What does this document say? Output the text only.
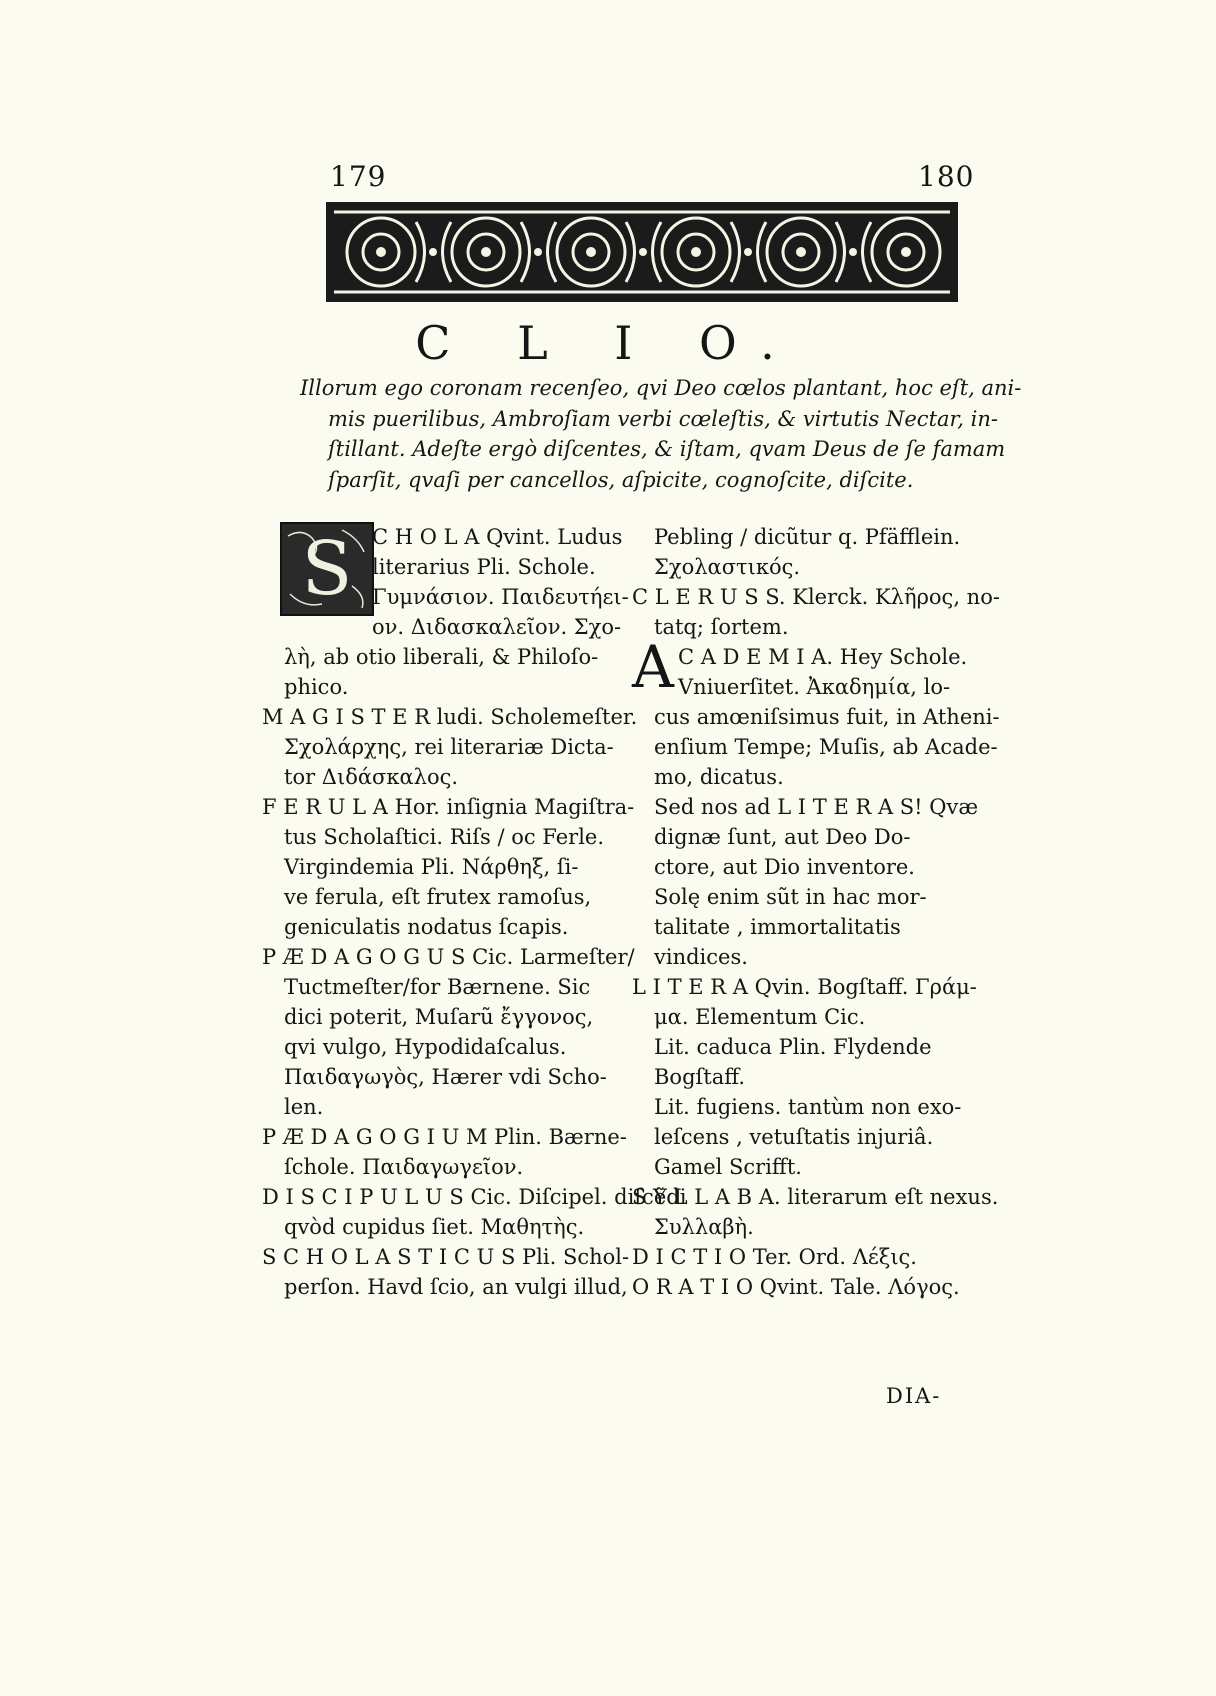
179	180
C L I O.
Illorum ego coronam recenſeo, qvi Deo cœlos plantant, hoc eſt, ani-
mis puerilibus, Ambroſiam verbi cœleſtis, & virtutis Nectar, in-
ſtillant. Adeſte ergò diſcentes, & iſtam, qvam Deus de ſe famam
ſparſit, qvaſi per cancellos, aſpicite, cognoſcite, diſcite.
S C H O L A Qvint. Ludus
literarius Pli. Schole.
Γυμνάσιον. Παιδευτήει-
ον. Διδασκαλεῖον. Σχο-
λὴ, ab otio liberali, & Philoſo-
phico.
M A G I S T E R ludi. Scholemeſter.
Σχολάρχης, rei literariæ Dicta-
tor Διδάσκαλος.
F E R U L A Hor. inſignia Magiſtra-
tus Scholaſtici. Riſs / oc Ferle.
Virgindemia Pli. Νάρθηξ, ſi-
ve ferula, eſt frutex ramoſus,
geniculatis nodatus ſcapis.
P Æ D A G O G U S Cic. Larmeſter/
Tuctmeſter/for Bærnene. Sic
dici poterit, Muſarũ ἔγγονος,
qvi vulgo, Hypodidaſcalus.
Παιδαγωγὸς, Hærer vdi Scho-
len.
P Æ D A G O G I U M Plin. Bærne-
ſchole. Παιδαγωγεῖον.
D I S C I P U L U S Cic. Diſcipel. diſcẽdi
qvòd cupidus ſiet. Μαθητὴς.
S C H O L A S T I C U S Pli. Schol-
perſon. Havd ſcio, an vulgi illud,
Pebling / dicũtur q. Pfäfflein.
Σχολαστικός.
C L E R U S S. Klerck. Κλῆρος, no-
tatq; ſortem.
A C A D E M I A. Hey Schole.
Vniuerſitet. Ἀκαδημία, lo-
cus amœniſsimus fuit, in Atheni-
enſium Tempe; Muſis, ab Acade-
mo, dicatus.
Sed nos ad L I T E R A S! Qvæ
dignæ ſunt, aut Deo Do-
ctore, aut Dio inventore.
Solę enim sũt in hac mor-
talitate , immortalitatis
vindices.
L I T E R A Qvin. Bogſtaff. Γράμ-
μα. Elementum Cic.
Lit. caduca Plin. Flydende
Bogſtaff.
Lit. fugiens. tantùm non exo-
leſcens , vetuſtatis injuriâ.
Gamel Scrifft.
S Y L L A B A. literarum eſt nexus.
Συλλαβὴ.
D I C T I O Ter. Ord. Λέξις.
O R A T I O Qvint. Tale. Λόγος.
DIA-
